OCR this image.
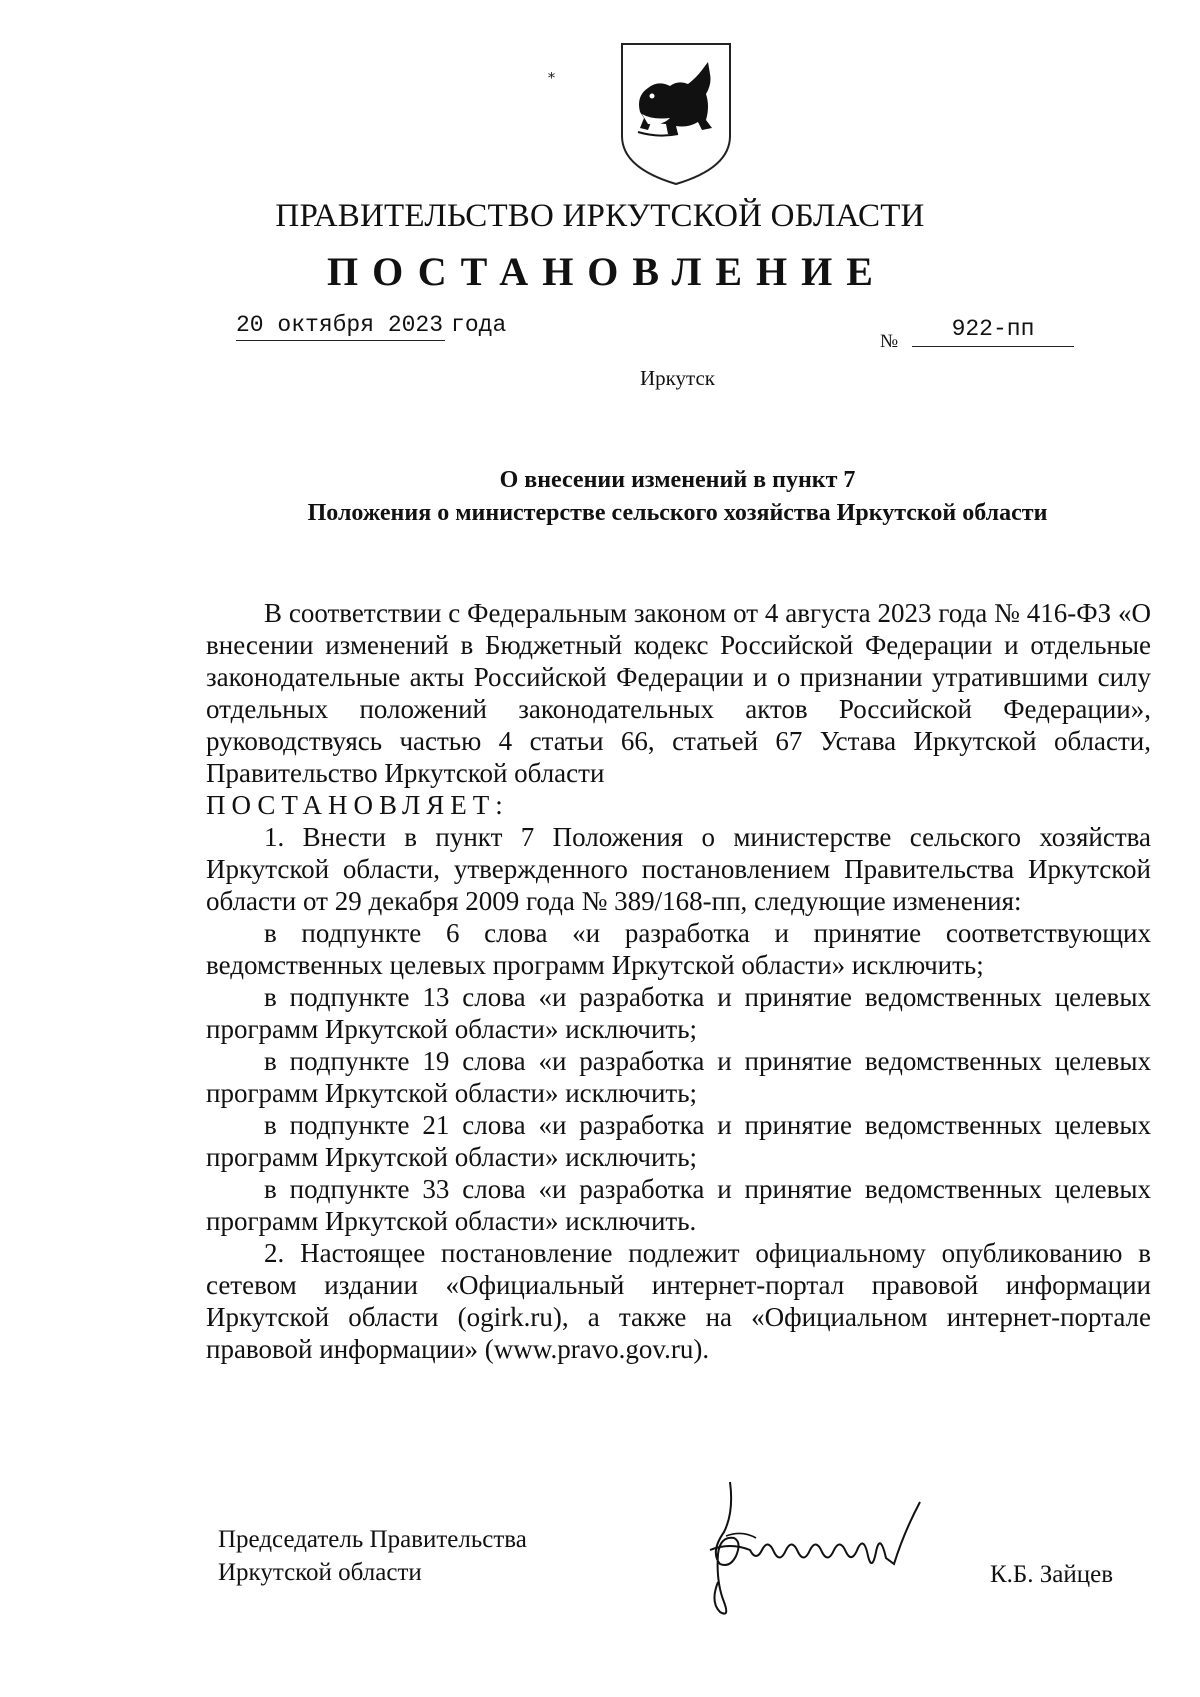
⁎
ПРАВИТЕЛЬСТВО ИРКУТСКОЙ ОБЛАСТИ
ПОСТАНОВЛЕНИЕ
20 октября 2023 года
№	922-пп
Иркутск
О внесении изменений в пункт 7
Положения о министерстве сельского хозяйства Иркутской области

В соответствии с Федеральным законом от 4 августа 2023 года № 416-ФЗ «О внесении изменений в Бюджетный кодекс Российской Федерации и отдельные законодательные акты Российской Федерации и о признании утратившими силу отдельных положений законодательных актов Российской Федерации», руководствуясь частью 4 статьи 66, статьей 67 Устава Иркутской области, Правительство Иркутской области

ПОСТАНОВЛЯЕТ:

1. Внести в пункт 7 Положения о министерстве сельского хозяйства Иркутской области, утвержденного постановлением Правительства Иркутской области от 29 декабря 2009 года № 389/168-пп, следующие изменения:

в подпункте 6 слова «и разработка и принятие соответствующих ведомственных целевых программ Иркутской области» исключить;

в подпункте 13 слова «и разработка и принятие ведомственных целевых программ Иркутской области» исключить;

в подпункте 19 слова «и разработка и принятие ведомственных целевых программ Иркутской области» исключить;

в подпункте 21 слова «и разработка и принятие ведомственных целевых программ Иркутской области» исключить;

в подпункте 33 слова «и разработка и принятие ведомственных целевых программ Иркутской области» исключить.

2. Настоящее постановление подлежит официальному опубликованию в сетевом издании «Официальный интернет-портал правовой информации Иркутской области (ogirk.ru), а также на «Официальном интернет-портале правовой информации» (www.pravo.gov.ru).

Председатель Правительства
Иркутской области	К.Б. Зайцев
